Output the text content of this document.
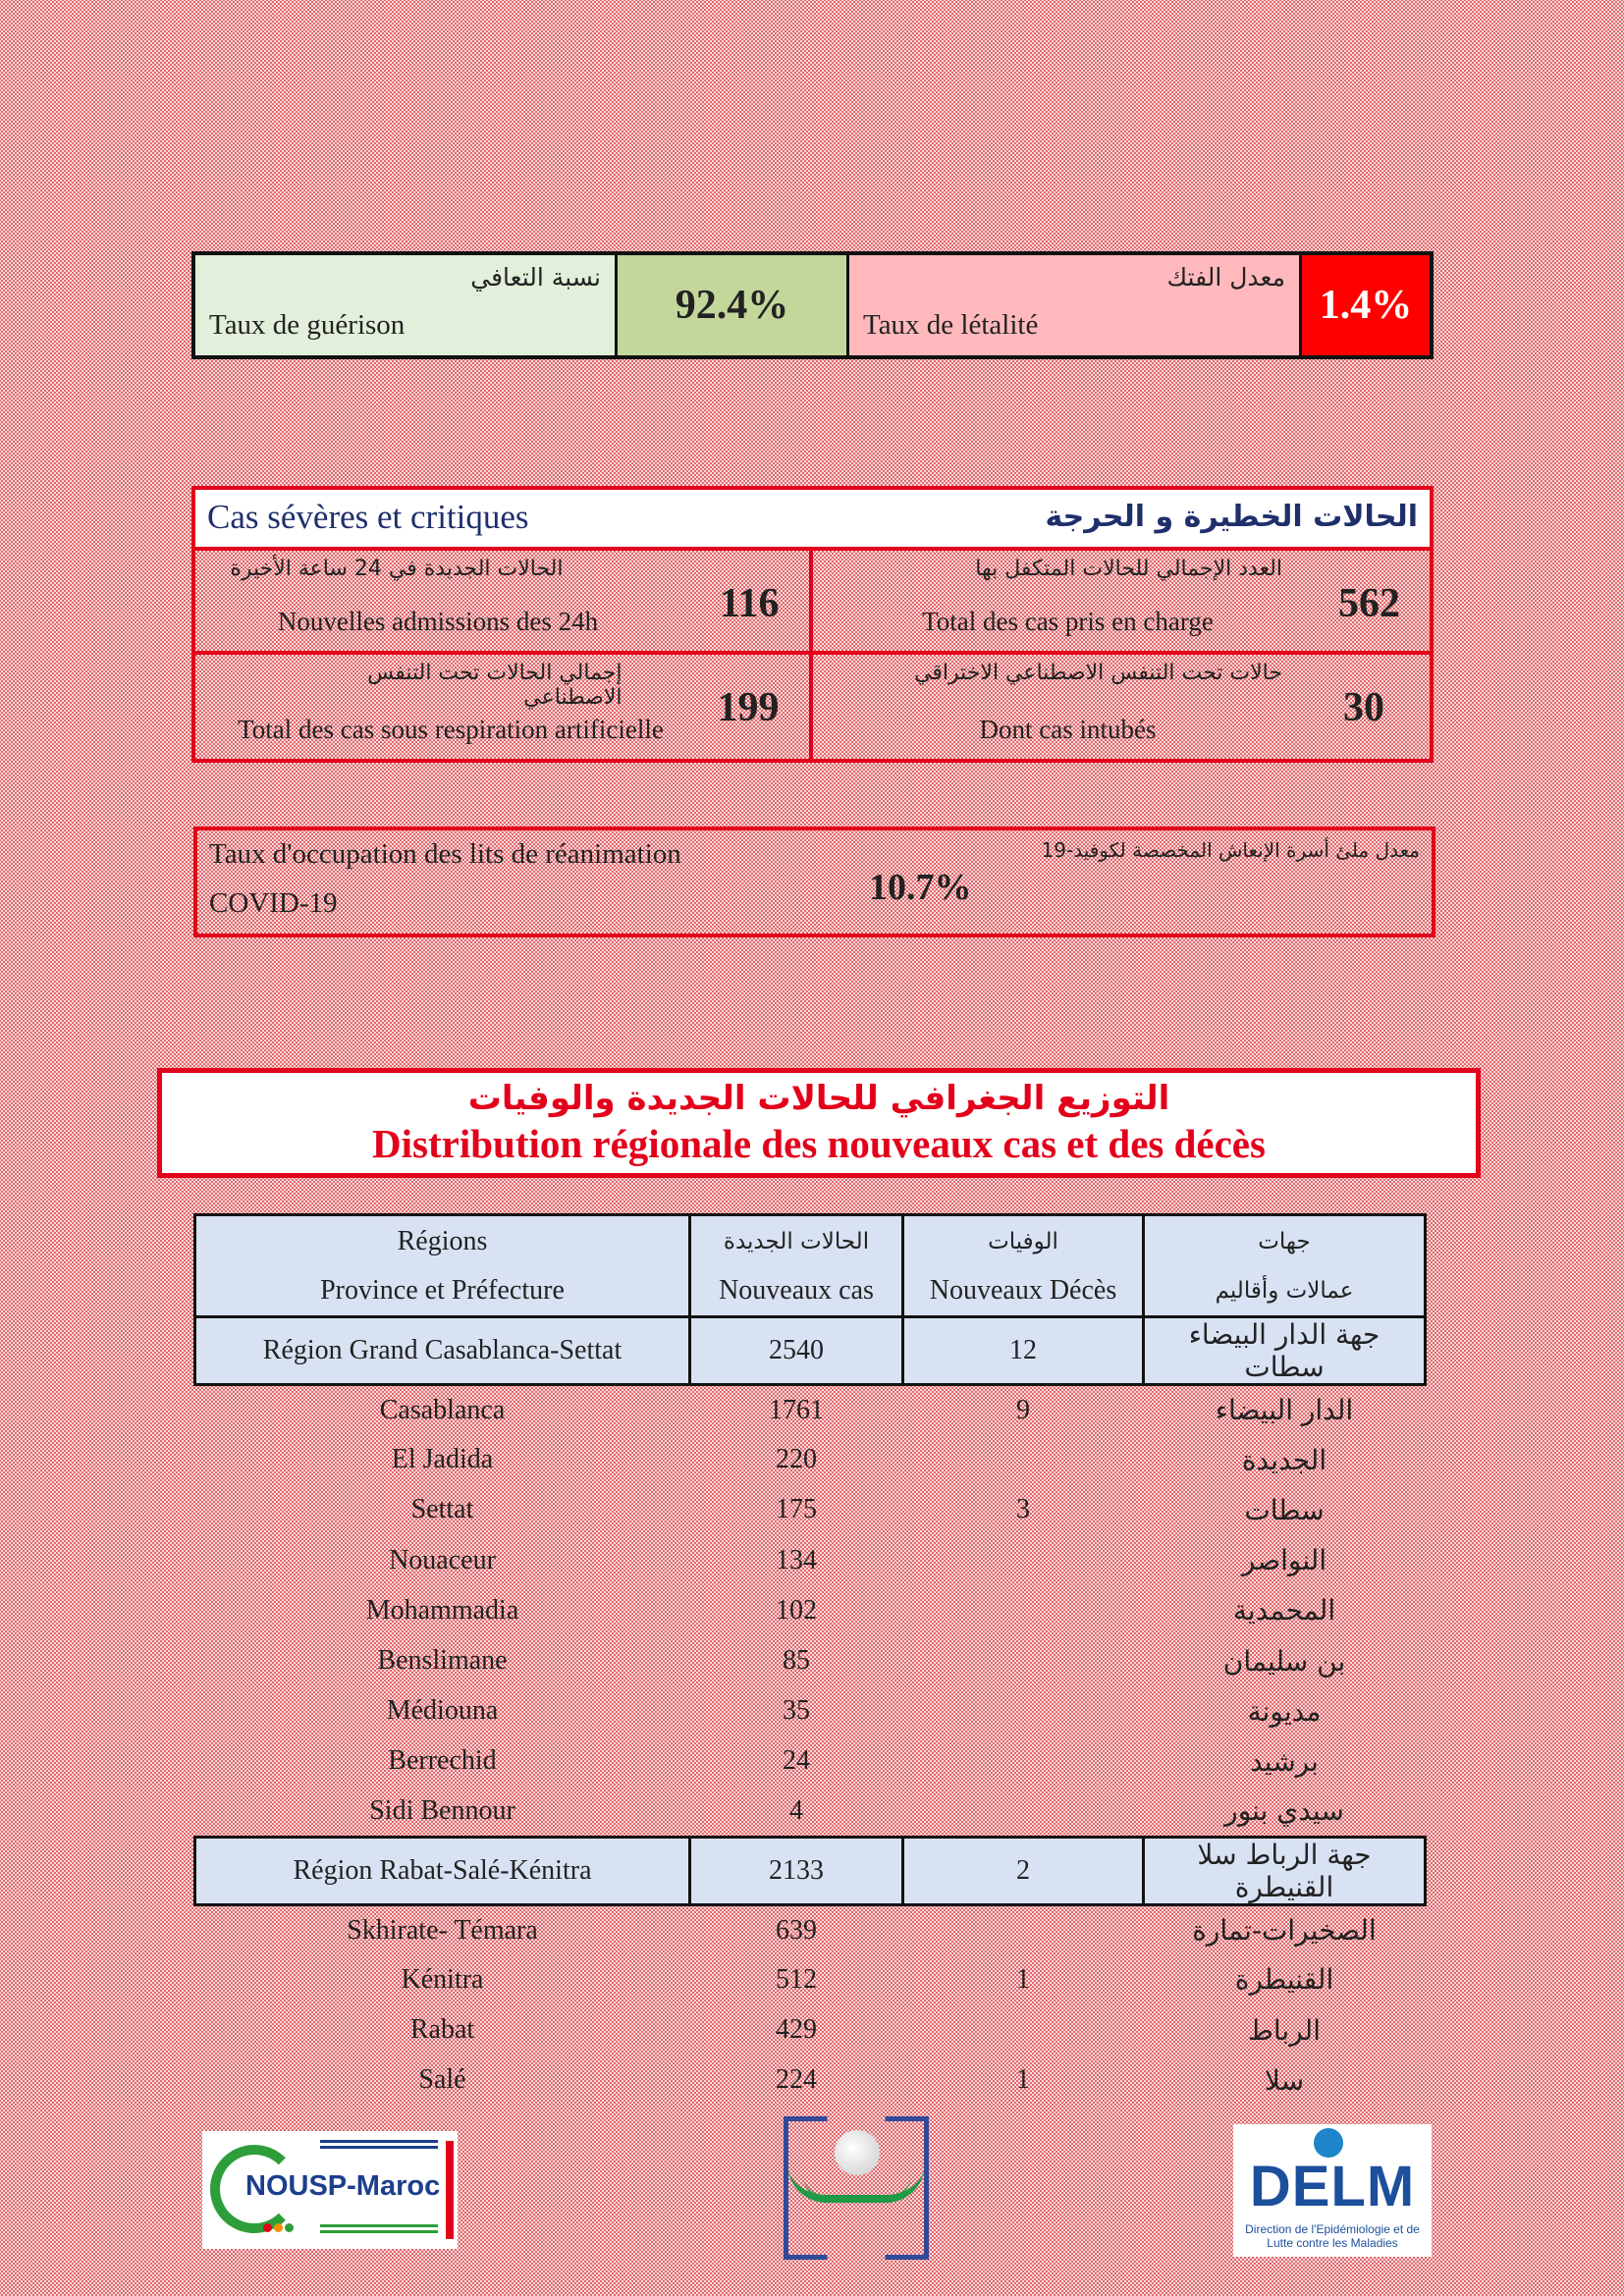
نسبة التعافي
Taux de guérison	92.4%
معدل الفتك
Taux de létalité	1.4%
Cas sévères et critiques	الحالات الخطيرة و الحرجة
الحالات الجديدة في 24 ساعة الأخيرة
Nouvelles admissions des 24h	116
العدد الإجمالي للحالات المتكفل بها
Total des cas pris en charge	562
إجمالي الحالات تحت التنفس الاصطناعي
Total des cas sous respiration artificielle	199
حالات تحت التنفس الاصطناعي الاختراقي
Dont cas intubés	30
Taux d'occupation des lits de réanimation
COVID-19
معدل ملئ أسرة الإنعاش المخصصة لكوفيد-19
10.7%
التوزيع الجغرافي للحالات الجديدة والوفيات
Distribution régionale des nouveaux cas et des décès
Régions
Province et Préfecture	الحالات الجديدة
Nouveaux cas	الوفيات
Nouveaux Décès	جهات
عمالات وأقاليم

Région Grand Casablanca-Settat	2540	12	جهة الدار البيضاء سطات
Casablanca	1761	9	الدار البيضاء
El Jadida	220		الجديدة
Settat	175	3	سطات
Nouaceur	134		النواصر
Mohammadia	102		المحمدية
Benslimane	85		بن سليمان
Médiouna	35		مديونة
Berrechid	24		برشيد
Sidi Bennour	4		سيدي بنور
Région Rabat-Salé-Kénitra	2133	2	جهة الرباط سلا القنيطرة
Skhirate- Témara	639		الصخيرات-تمارة
Kénitra	512	1	القنيطرة
Rabat	429		الرباط
Salé	224	1	سلا
NOUSP-Maroc	DELM
Direction de l'Epidémiologie et de Lutte contre les Maladies
